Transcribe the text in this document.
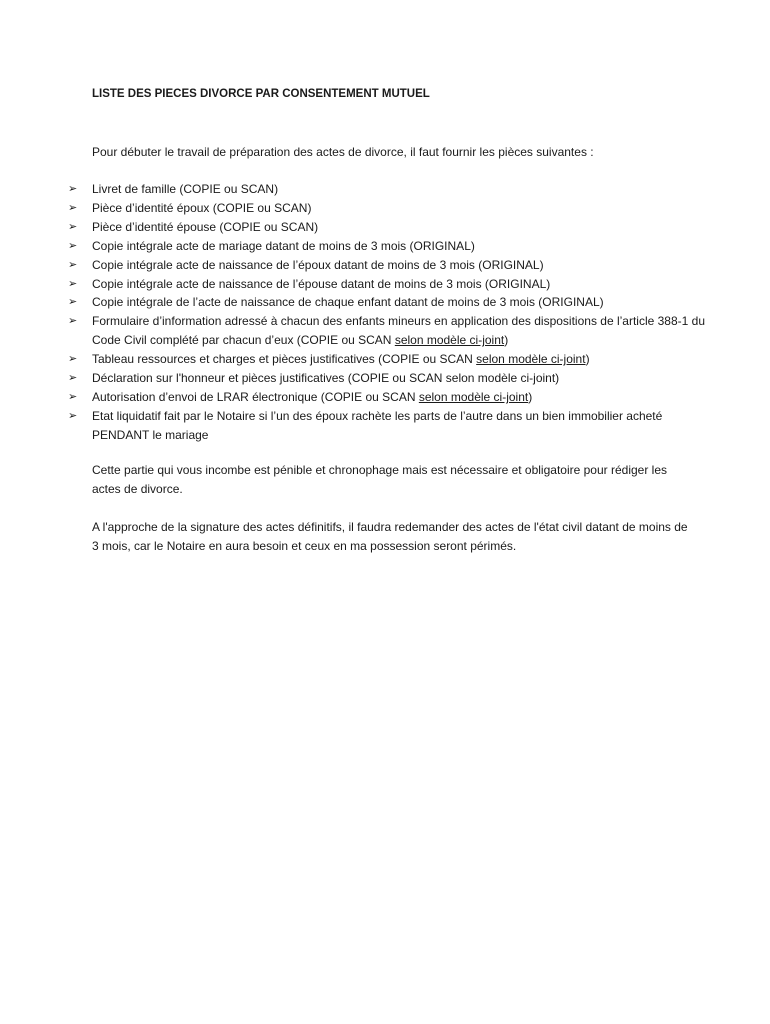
LISTE DES PIECES DIVORCE PAR CONSENTEMENT MUTUEL
Pour débuter le travail de préparation des actes de divorce, il faut fournir les pièces suivantes :
➢	Livret de famille (COPIE ou SCAN)
➢	Pièce d’identité époux (COPIE ou SCAN)
➢	Pièce d’identité épouse (COPIE ou SCAN)
➢	Copie intégrale acte de mariage datant de moins de 3 mois (ORIGINAL)
➢	Copie intégrale acte de naissance de l’époux datant de moins de 3 mois (ORIGINAL)
➢	Copie intégrale acte de naissance de l’épouse datant de moins de 3 mois (ORIGINAL)
➢	Copie intégrale de l’acte de naissance de chaque enfant datant de moins de 3 mois (ORIGINAL)
➢	Formulaire d’information adressé à chacun des enfants mineurs en application des dispositions de l’article 388-1 du Code Civil complété par chacun d’eux (COPIE ou SCAN selon modèle ci-joint)
➢	Tableau ressources et charges et pièces justificatives (COPIE ou SCAN selon modèle ci-joint)
➢	Déclaration sur l'honneur et pièces justificatives (COPIE ou SCAN selon modèle ci-joint)
➢	Autorisation d’envoi de LRAR électronique (COPIE ou SCAN selon modèle ci-joint)
➢	Etat liquidatif fait par le Notaire si l’un des époux rachète les parts de l’autre dans un bien immobilier acheté PENDANT le mariage

Cette partie qui vous incombe est pénible et chronophage mais est nécessaire et obligatoire pour rédiger les actes de divorce.

A l'approche de la signature des actes définitifs, il faudra redemander des actes de l'état civil datant de moins de 3 mois, car le Notaire en aura besoin et ceux en ma possession seront périmés.
